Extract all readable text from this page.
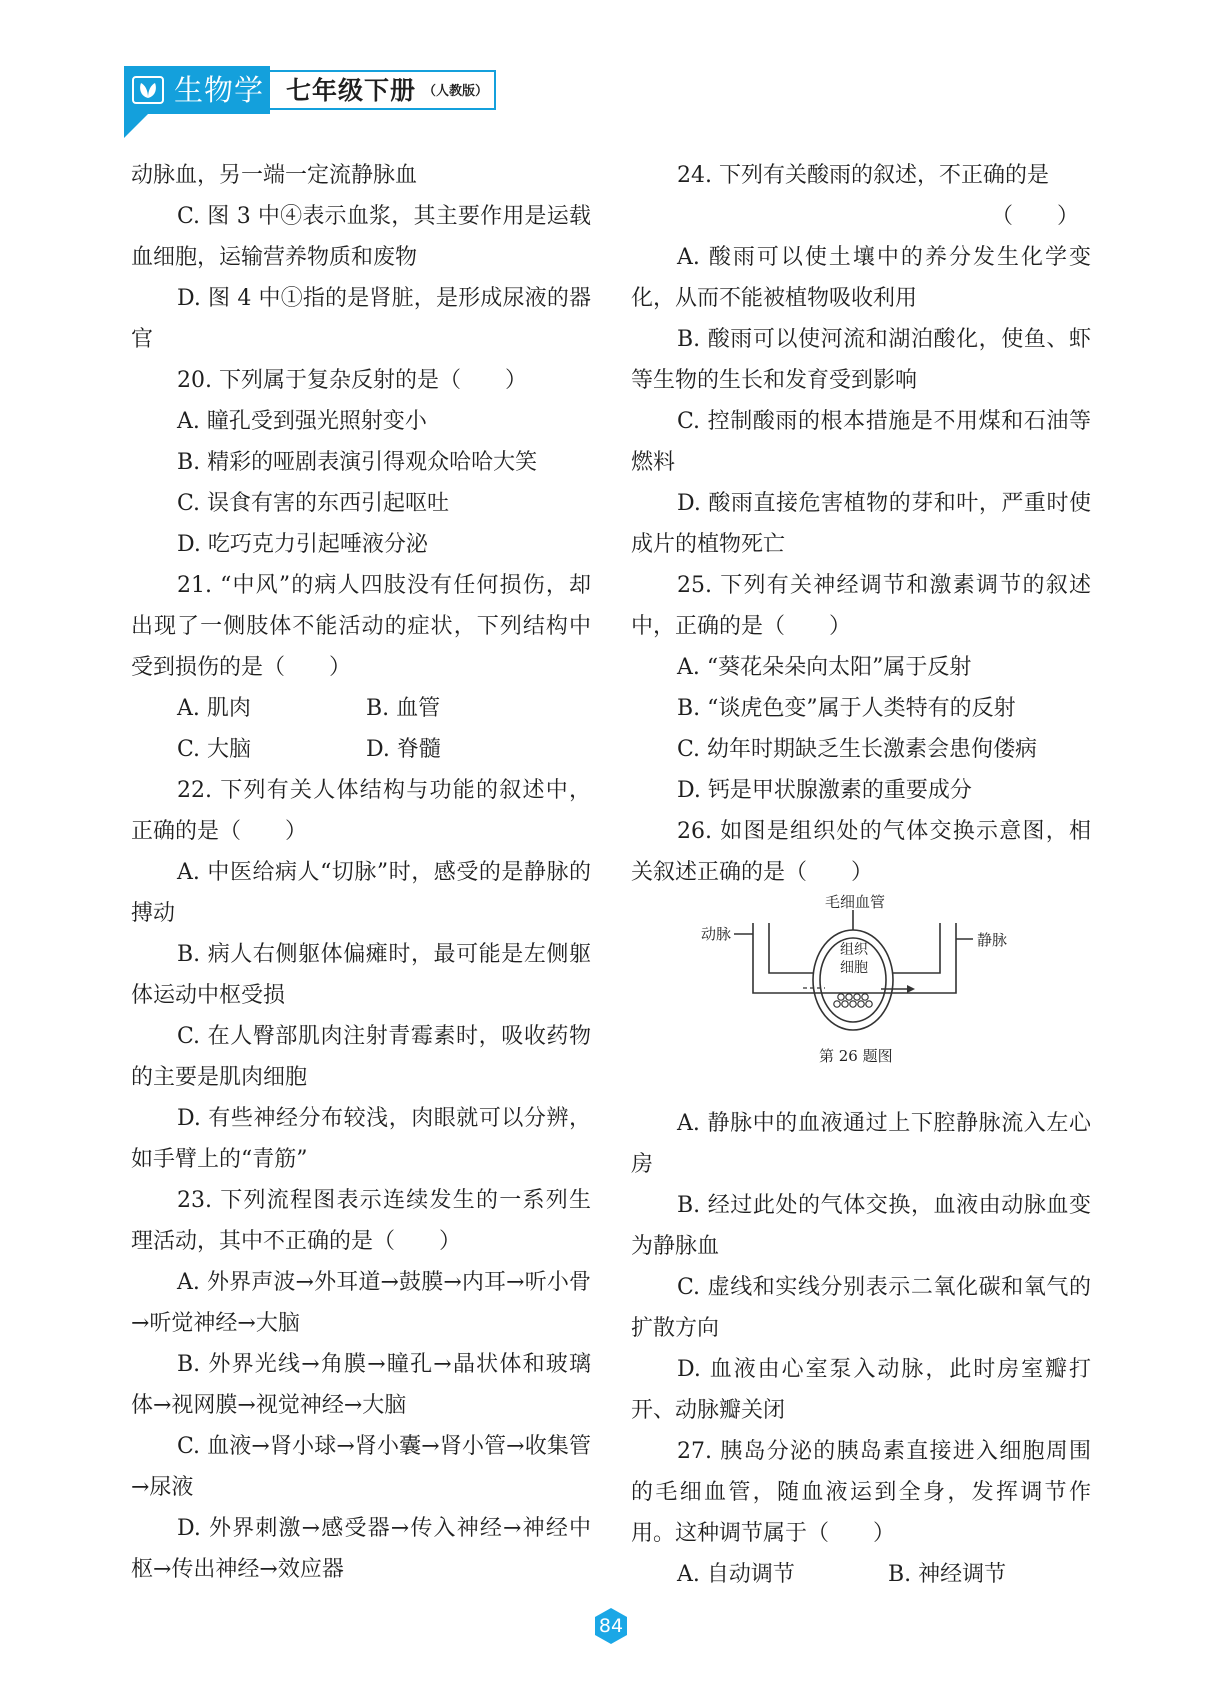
生物学 七年级下册 （人教版）

动脉血，另一端一定流静脉血

C. 图 3 中④表示血浆，其主要作用是运载血细胞，运输营养物质和废物

D. 图 4 中①指的是肾脏，是形成尿液的器官

20. 下列属于复杂反射的是（　　）

A. 瞳孔受到强光照射变小

B. 精彩的哑剧表演引得观众哈哈大笑

C. 误食有害的东西引起呕吐

D. 吃巧克力引起唾液分泌

21. “中风”的病人四肢没有任何损伤，却出现了一侧肢体不能活动的症状，下列结构中受到损伤的是（　　）

A. 肌肉	B. 血管
C. 大脑	D. 脊髓

22. 下列有关人体结构与功能的叙述中，正确的是（　　）

A. 中医给病人“切脉”时，感受的是静脉的搏动

B. 病人右侧躯体偏瘫时，最可能是左侧躯体运动中枢受损

C. 在人臀部肌肉注射青霉素时，吸收药物的主要是肌肉细胞

D. 有些神经分布较浅，肉眼就可以分辨，如手臂上的“青筋”

23. 下列流程图表示连续发生的一系列生理活动，其中不正确的是（　　）

A. 外界声波→外耳道→鼓膜→内耳→听小骨→听觉神经→大脑

B. 外界光线→角膜→瞳孔→晶状体和玻璃体→视网膜→视觉神经→大脑

C. 血液→肾小球→肾小囊→肾小管→收集管→尿液

D. 外界刺激→感受器→传入神经→神经中枢→传出神经→效应器

24. 下列有关酸雨的叙述，不正确的是

（　　）

A. 酸雨可以使土壤中的养分发生化学变化，从而不能被植物吸收利用

B. 酸雨可以使河流和湖泊酸化，使鱼、虾等生物的生长和发育受到影响

C. 控制酸雨的根本措施是不用煤和石油等燃料

D. 酸雨直接危害植物的芽和叶，严重时使成片的植物死亡

25. 下列有关神经调节和激素调节的叙述中，正确的是（　　）

A. “葵花朵朵向太阳”属于反射

B. “谈虎色变”属于人类特有的反射

C. 幼年时期缺乏生长激素会患佝偻病

D. 钙是甲状腺激素的重要成分

26. 如图是组织处的气体交换示意图，相关叙述正确的是（　　）

毛细血管
动脉	静脉
组织
细胞
第 26 题图

A. 静脉中的血液通过上下腔静脉流入左心房

B. 经过此处的气体交换，血液由动脉血变为静脉血

C. 虚线和实线分别表示二氧化碳和氧气的扩散方向

D. 血液由心室泵入动脉，此时房室瓣打开、动脉瓣关闭

27. 胰岛分泌的胰岛素直接进入细胞周围的毛细血管，随血液运到全身，发挥调节作用。这种调节属于（　　）

A. 自动调节	B. 神经调节
84
